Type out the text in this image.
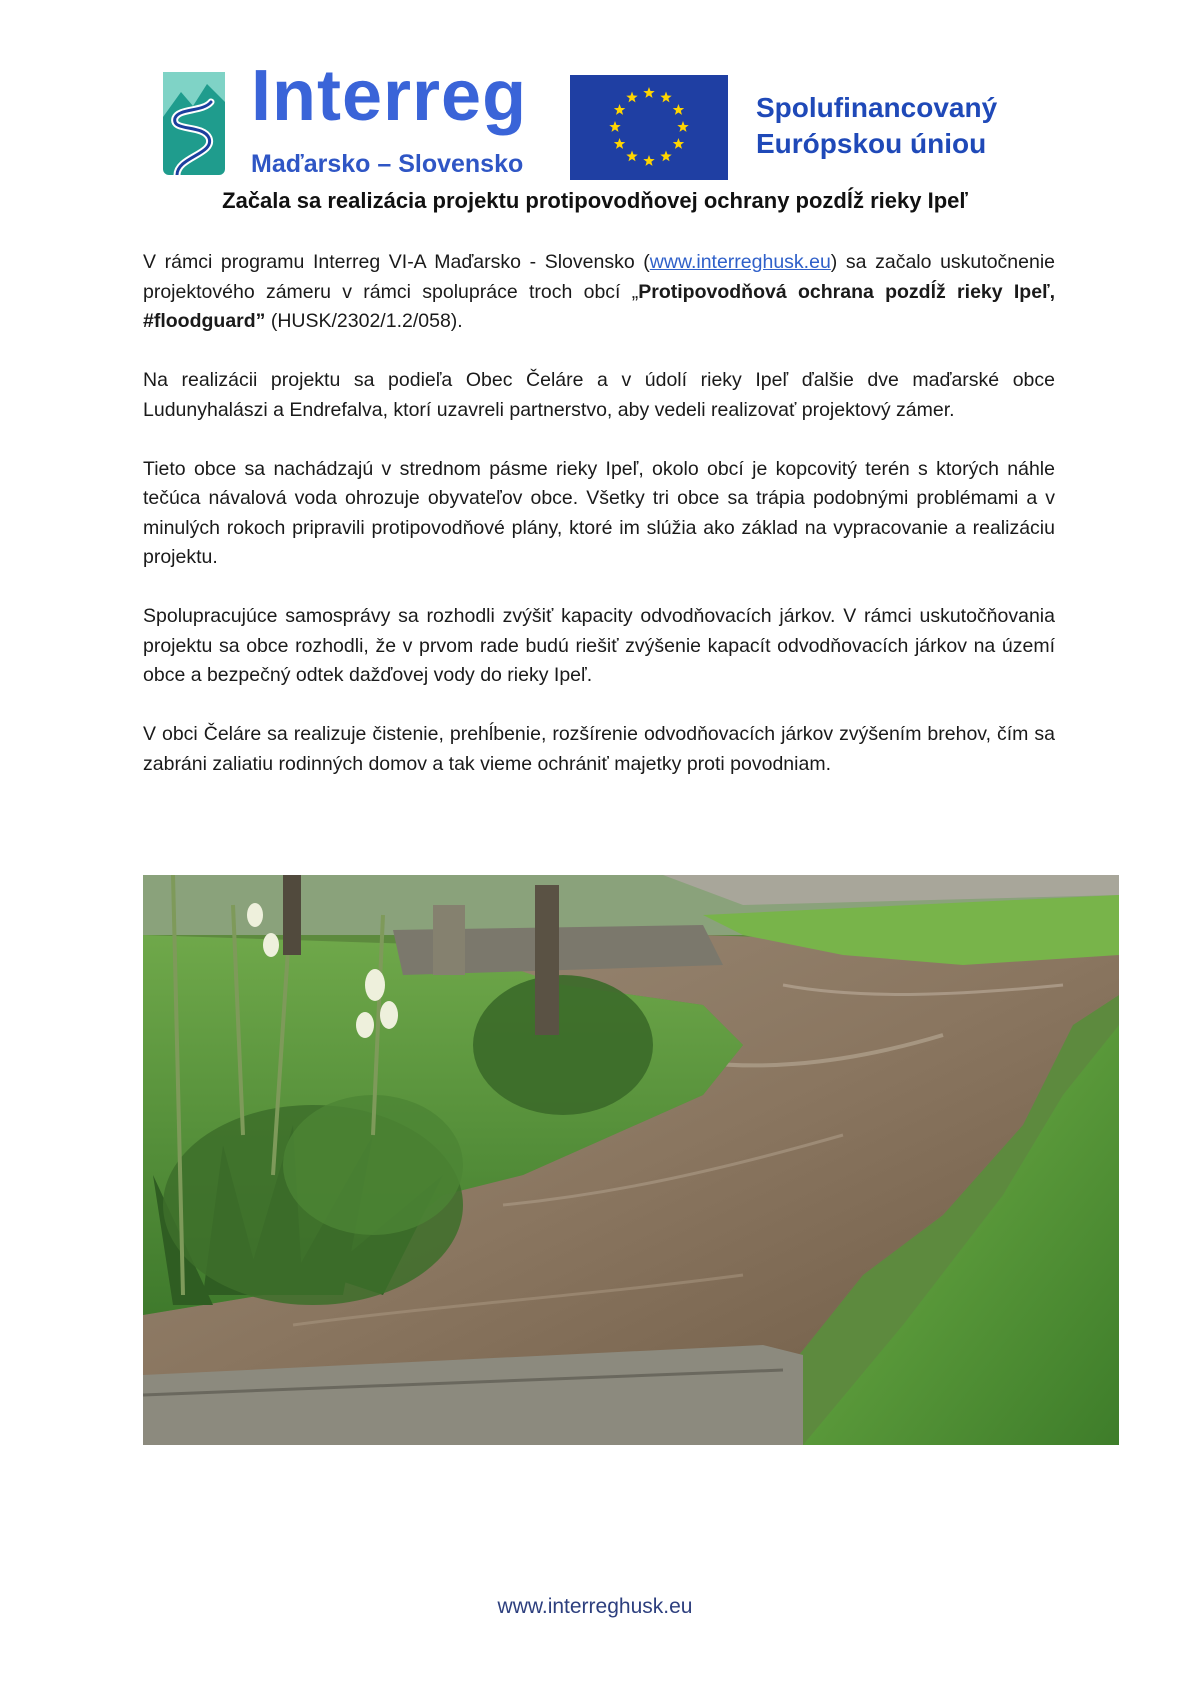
Interreg
Maďarsko – Slovensko
Spolufinancovaný
Európskou úniou
Začala sa realizácia projektu protipovodňovej ochrany pozdĺž rieky Ipeľ

V rámci programu Interreg VI-A Maďarsko - Slovensko (www.interreghusk.eu) sa začalo uskutočnenie projektového zámeru v rámci spolupráce troch obcí „Protipovodňová ochrana pozdĺž rieky Ipeľ, #floodguard” (HUSK/2302/1.2/058).

Na realizácii projektu sa podieľa Obec Čeláre a v údolí rieky Ipeľ ďalšie dve maďarské obce Ludunyhalászi a Endrefalva, ktorí uzavreli partnerstvo, aby vedeli realizovať projektový zámer.

Tieto obce sa nachádzajú v strednom pásme rieky Ipeľ, okolo obcí je kopcovitý terén s ktorých náhle tečúca návalová voda ohrozuje obyvateľov obce. Všetky tri obce sa trápia podobnými problémami a v minulých rokoch pripravili protipovodňové plány, ktoré im slúžia ako základ na vypracovanie a realizáciu projektu.

Spolupracujúce samosprávy sa rozhodli zvýšiť kapacity odvodňovacích járkov. V rámci uskutočňovania projektu sa obce rozhodli, že v prvom rade budú riešiť zvýšenie kapacít odvodňovacích járkov na území obce a bezpečný odtek dažďovej vody do rieky Ipeľ.

V obci Čeláre sa realizuje čistenie, prehĺbenie, rozšírenie odvodňovacích járkov zvýšením brehov, čím sa zabráni zaliatiu rodinných domov a tak vieme ochrániť majetky proti povodniam.

www.interreghusk.eu
